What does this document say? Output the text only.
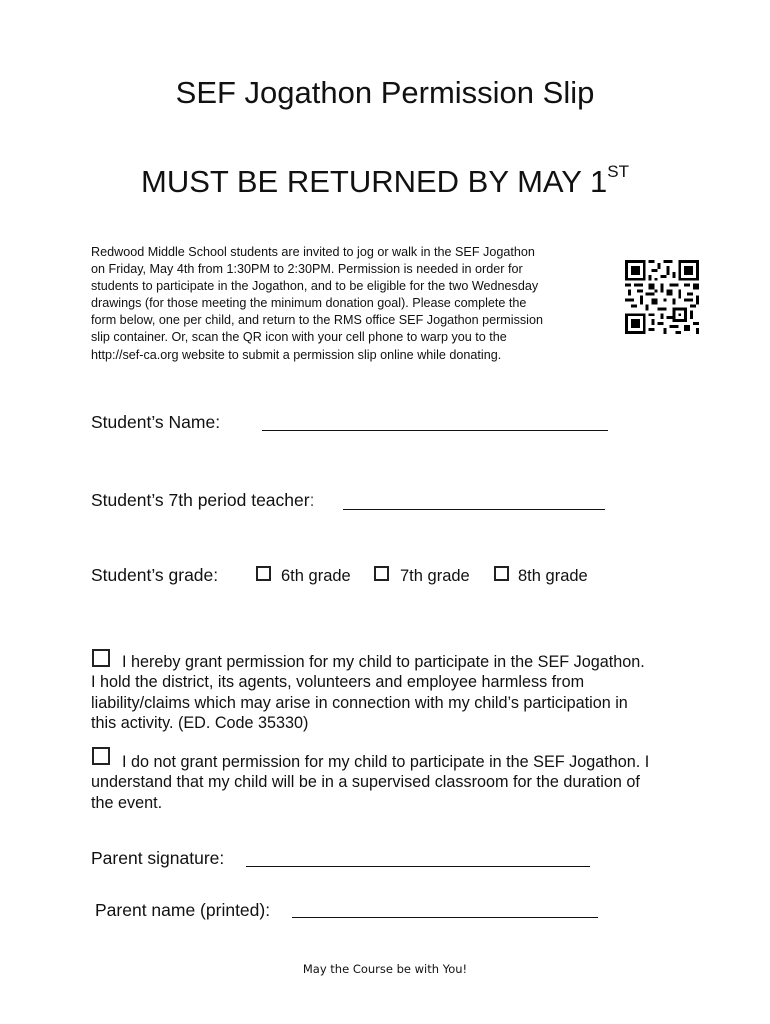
SEF Jogathon Permission Slip
MUST BE RETURNED BY MAY 1ST
Redwood Middle School students are invited to jog or walk in the SEF Jogathon
on Friday, May 4th from 1:30PM to 2:30PM. Permission is needed in order for
students to participate in the Jogathon, and to be eligible for the two Wednesday
drawings (for those meeting the minimum donation goal). Please complete the
form below, one per child, and return to the RMS office SEF Jogathon permission
slip container. Or, scan the QR icon with your cell phone to warp you to the
http://sef-ca.org website to submit a permission slip online while donating.
Student’s Name:
Student’s 7th period teacher:
Student’s grade:	6th grade	7th grade	8th grade
I hereby grant permission for my child to participate in the SEF Jogathon.
I hold the district, its agents, volunteers and employee harmless from
liability/claims which may arise in connection with my child’s participation in
this activity. (ED. Code 35330)
I do not grant permission for my child to participate in the SEF Jogathon. I
understand that my child will be in a supervised classroom for the duration of
the event.
Parent signature:
Parent name (printed):
May the Course be with You!
